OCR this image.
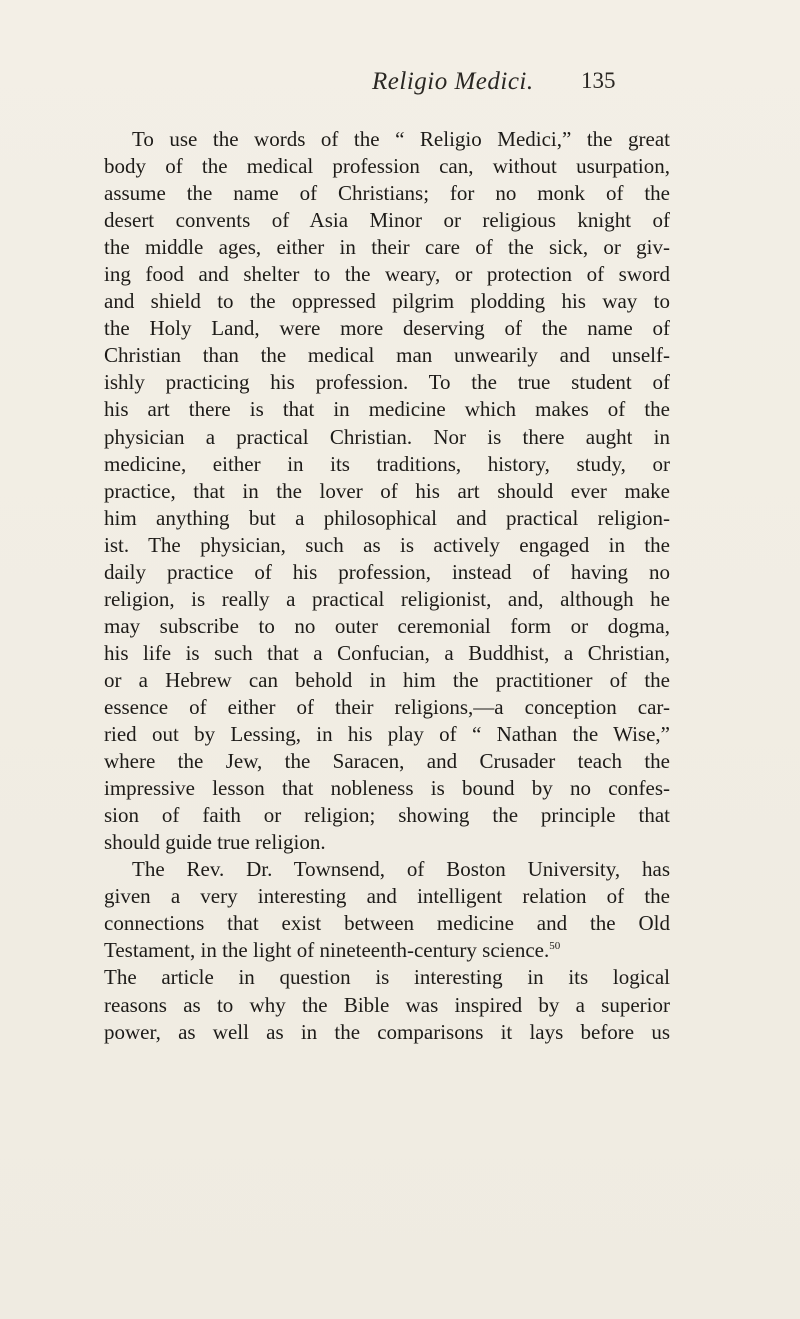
Religio Medici. 135
To use the words of the “ Religio Medici,” the great
body of the medical profession can, without usurpation,
assume the name of Christians; for no monk of the
desert convents of Asia Minor or religious knight of
the middle ages, either in their care of the sick, or giv-
ing food and shelter to the weary, or protection of sword
and shield to the oppressed pilgrim plodding his way to
the Holy Land, were more deserving of the name of
Christian than the medical man unwearily and unself-
ishly practicing his profession. To the true student of
his art there is that in medicine which makes of the
physician a practical Christian. Nor is there aught in
medicine, either in its traditions, history, study, or
practice, that in the lover of his art should ever make
him anything but a philosophical and practical religion-
ist. The physician, such as is actively engaged in the
daily practice of his profession, instead of having no
religion, is really a practical religionist, and, although he
may subscribe to no outer ceremonial form or dogma,
his life is such that a Confucian, a Buddhist, a Christian,
or a Hebrew can behold in him the practitioner of the
essence of either of their religions,—a conception car-
ried out by Lessing, in his play of “ Nathan the Wise,”
where the Jew, the Saracen, and Crusader teach the
impressive lesson that nobleness is bound by no confes-
sion of faith or religion; showing the principle that
should guide true religion.
The Rev. Dr. Townsend, of Boston University, has
given a very interesting and intelligent relation of the
connections that exist between medicine and the Old
Testament, in the light of nineteenth-century science.$^{50}$
The article in question is interesting in its logical
reasons as to why the Bible was inspired by a superior
power, as well as in the comparisons it lays before us
